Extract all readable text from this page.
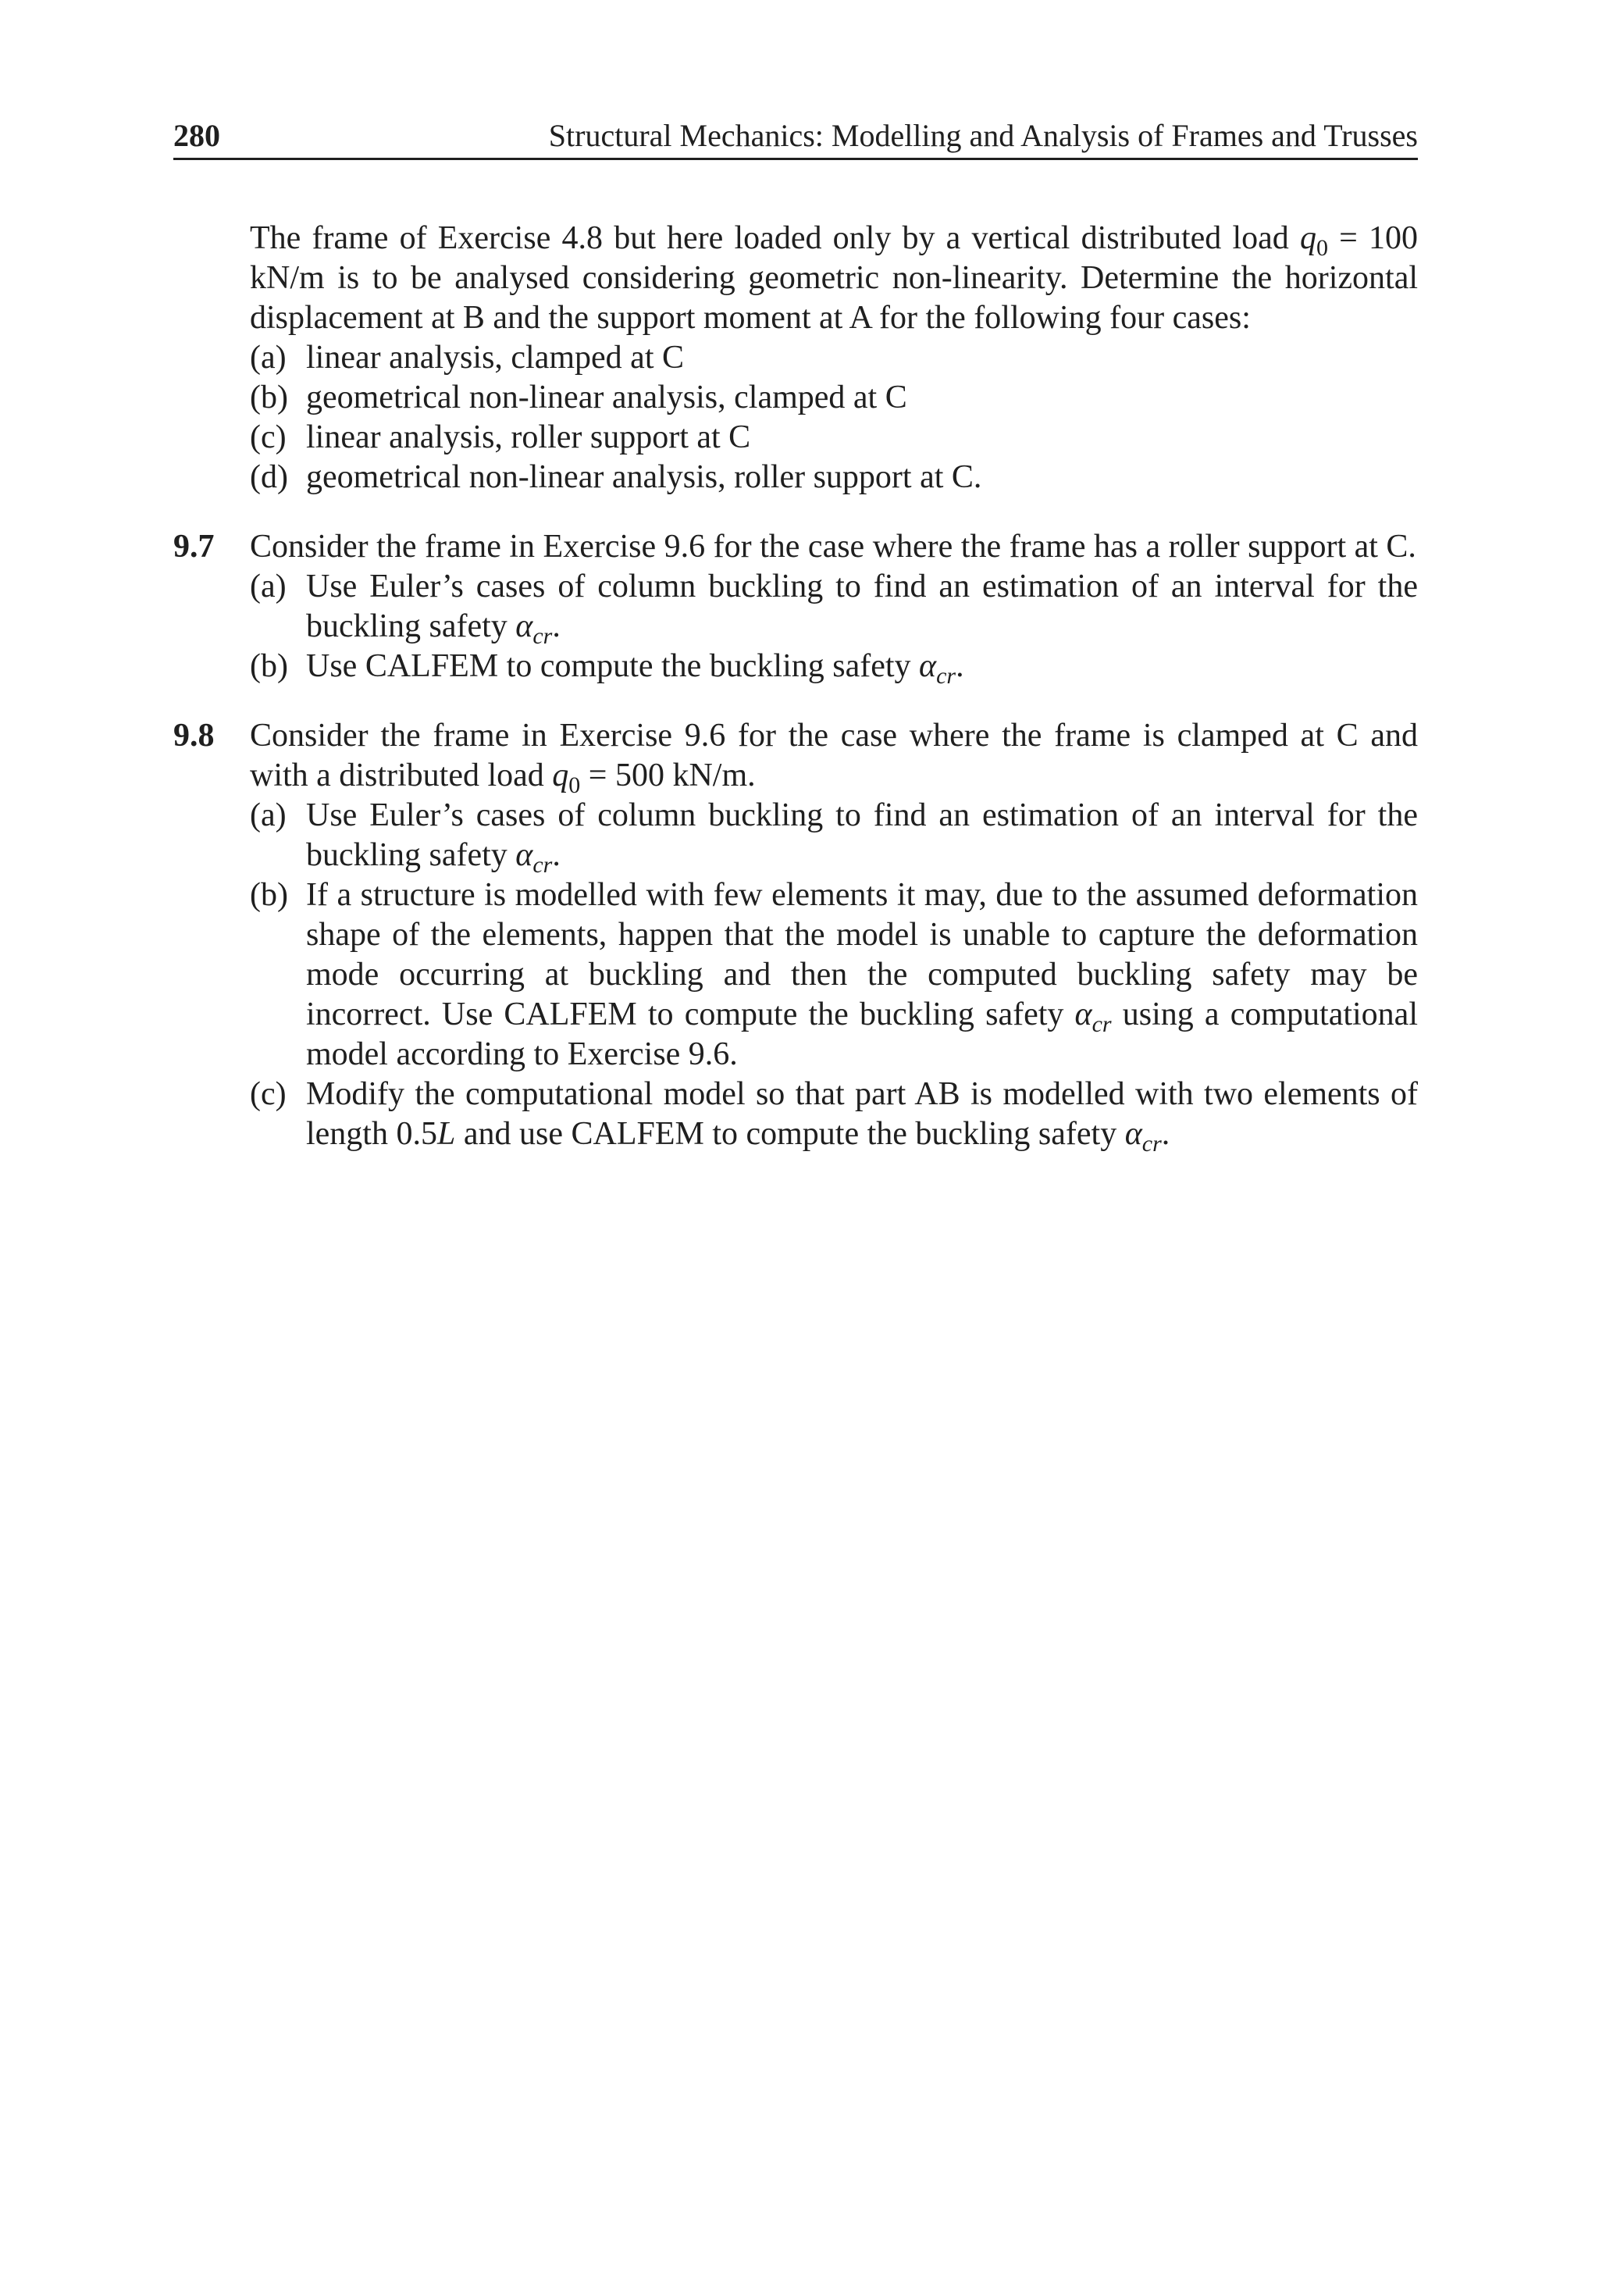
280	Structural Mechanics: Modelling and Analysis of Frames and Trusses
The frame of Exercise 4.8 but here loaded only by a vertical distributed load $q_0 = 100$ kN/m is to be analysed considering geometric non-linearity. Determine the horizontal displacement at B and the support moment at A for the following four cases:
(a) linear analysis, clamped at C
(b) geometrical non-linear analysis, clamped at C
(c) linear analysis, roller support at C
(d) geometrical non-linear analysis, roller support at C.
9.7 Consider the frame in Exercise 9.6 for the case where the frame has a roller support at C.
(a) Use Euler’s cases of column buckling to find an estimation of an interval for the buckling safety $\alpha_{cr}$.
(b) Use CALFEM to compute the buckling safety $\alpha_{cr}$.
9.8 Consider the frame in Exercise 9.6 for the case where the frame is clamped at C and with a distributed load $q_0 = 500$ kN/m.
(a) Use Euler’s cases of column buckling to find an estimation of an interval for the buckling safety $\alpha_{cr}$.
(b) If a structure is modelled with few elements it may, due to the assumed deformation shape of the elements, happen that the model is unable to capture the deformation mode occurring at buckling and then the computed buckling safety may be incorrect. Use CALFEM to compute the buckling safety $\alpha_{cr}$ using a computational model according to Exercise 9.6.
(c) Modify the computational model so that part AB is modelled with two elements of length 0.5L and use CALFEM to compute the buckling safety $\alpha_{cr}$.
